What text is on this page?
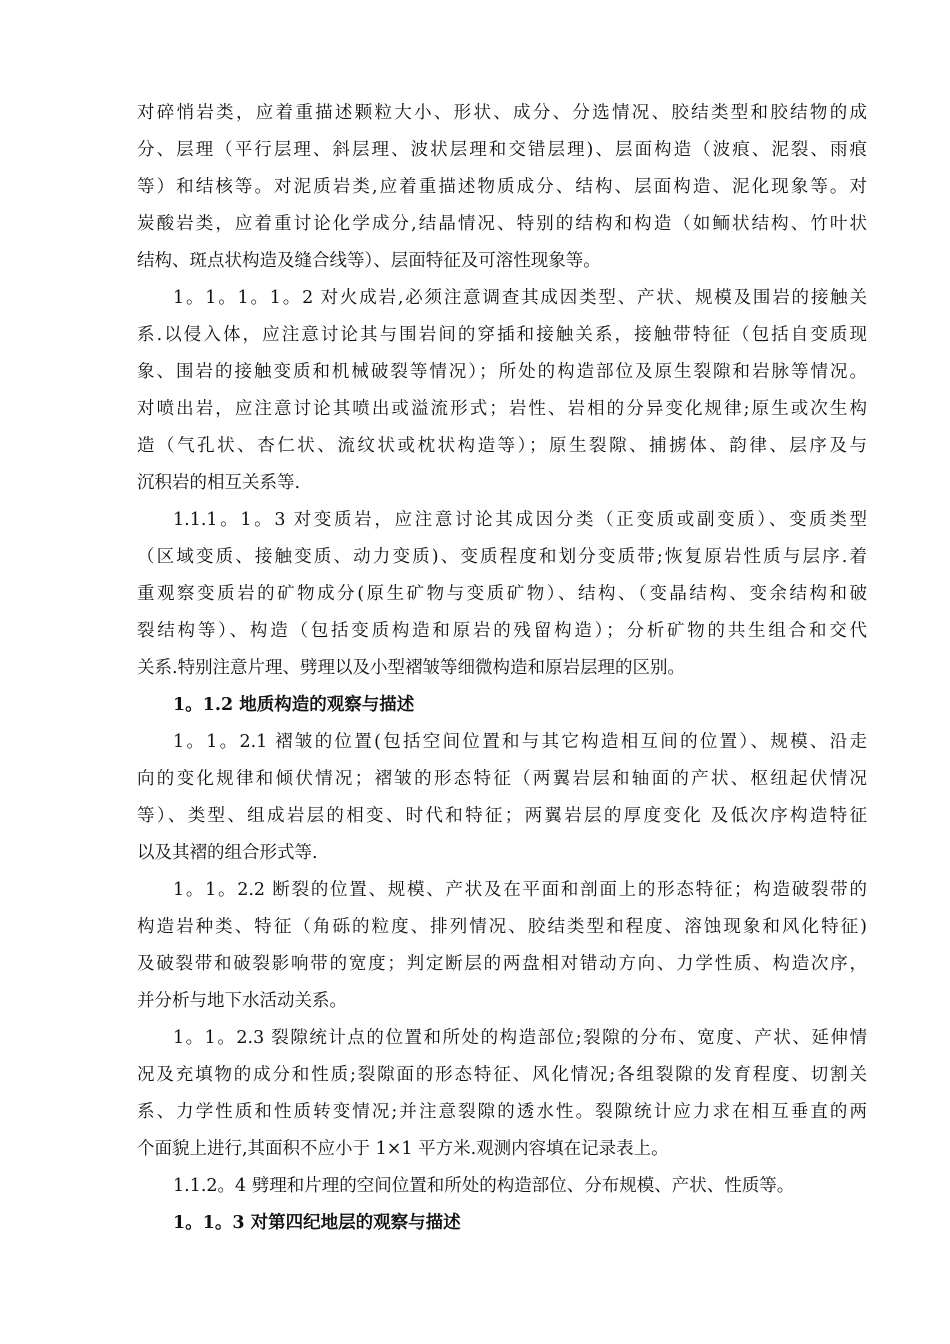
对碎悄岩类，应着重描述颗粒大小、形状、成分、分选情况、胶结类型和胶结物的成
分、层理（平行层理、斜层理、波状层理和交错层理)、层面构造（波痕、泥裂、雨痕
等）和结核等。对泥质岩类,应着重描述物质成分、结构、层面构造、泥化现象等。对
炭酸岩类，应着重讨论化学成分,结晶情况、特别的结构和构造（如鲕状结构、竹叶状
结构、斑点状构造及缝合线等）、层面特征及可溶性现象等。
1。1。1。1。2 对火成岩,必须注意调查其成因类型、产状、规模及围岩的接触关
系.以侵入体，应注意讨论其与围岩间的穿插和接触关系，接触带特征（包括自变质现
象、围岩的接触变质和机械破裂等情况）；所处的构造部位及原生裂隙和岩脉等情况。
对喷出岩，应注意讨论其喷出或溢流形式；岩性、岩相的分异变化规律;原生或次生构
造（气孔状、杏仁状、流纹状或枕状构造等）；原生裂隙、捕掳体、韵律、层序及与
沉积岩的相互关系等.
1.1.1。1。3 对变质岩，应注意讨论其成因分类（正变质或副变质）、变质类型
（区域变质、接触变质、动力变质)、变质程度和划分变质带;恢复原岩性质与层序.着
重观察变质岩的矿物成分(原生矿物与变质矿物）、结构、（变晶结构、变余结构和破
裂结构等）、构造（包括变质构造和原岩的残留构造）；分析矿物的共生组合和交代
关系.特别注意片理、劈理以及小型褶皱等细微构造和原岩层理的区别。
1。1.2 地质构造的观察与描述
1。1。2.1 褶皱的位置(包括空间位置和与其它构造相互间的位置）、规模、沿走
向的变化规律和倾伏情况；褶皱的形态特征（两翼岩层和轴面的产状、枢纽起伏情况
等）、类型、组成岩层的相变、时代和特征；两翼岩层的厚度变化 及低次序构造特征
以及其褶的组合形式等.
1。1。2.2 断裂的位置、规模、产状及在平面和剖面上的形态特征；构造破裂带的
构造岩种类、特征（角砾的粒度、排列情况、胶结类型和程度、溶蚀现象和风化特征)
及破裂带和破裂影响带的宽度；判定断层的两盘相对错动方向、力学性质、构造次序，
并分析与地下水活动关系。
1。1。2.3 裂隙统计点的位置和所处的构造部位;裂隙的分布、宽度、产状、延伸情
况及充填物的成分和性质;裂隙面的形态特征、风化情况;各组裂隙的发育程度、切割关
系、力学性质和性质转变情况;并注意裂隙的透水性。裂隙统计应力求在相互垂直的两
个面貌上进行,其面积不应小于 1×1 平方米.观测内容填在记录表上。
1.1.2。4 劈理和片理的空间位置和所处的构造部位、分布规模、产状、性质等。
1。1。3 对第四纪地层的观察与描述
